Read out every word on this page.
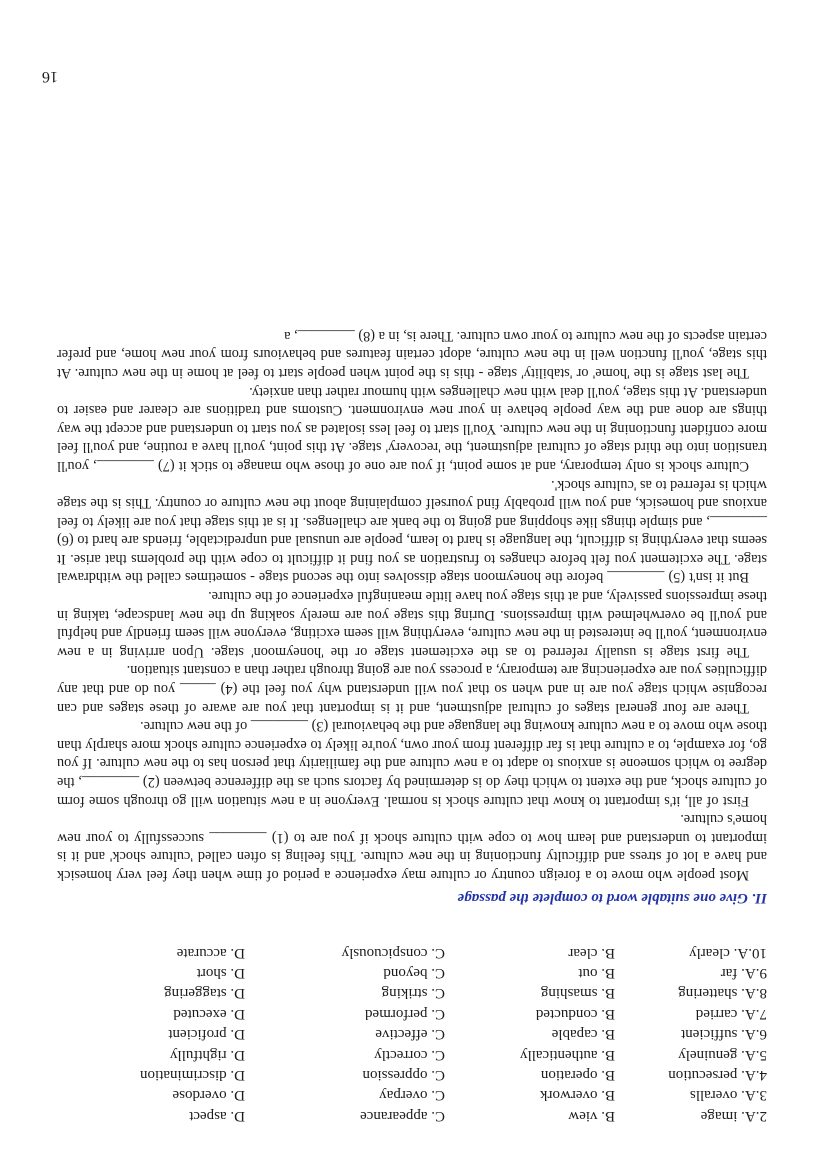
2.A. image
B. view
C. appearance
D. aspect
3.A. overalls
B. overwork
C. overpay
D. overdose
4.A. persecution
B. operation
C. oppression
D. discrimination
5.A. genuinely
B. authentically
C. correctly
D. rightfully
6.A. sufficient
B. capable
C. effective
D. proficient
7.A. carried
B. conducted
C. performed
D. executed
8.A. shattering
B. smashing
C. striking
D. staggering
9.A. far
B. out
C. beyond
D. short
10.A. clearly
B. clear
C. conspicuously
D. accurate
II. Give one suitable word to complete the passage

Most people who move to a foreign country or culture may experience a period of time when they feel very homesick and have a lot of stress and difficulty functioning in the new culture. This feeling is often called 'culture shock' and it is important to understand and learn how to cope with culture shock if you are to (1) ________ successfully to your new home's culture.

First of all, it's important to know that culture shock is normal. Everyone in a new situation will go through some form of culture shock, and the extent to which they do is determined by factors such as the difference between (2) ________, the degree to which someone is anxious to adapt to a new culture and the familiarity that person has to the new culture. If you go, for example, to a culture that is far different from your own, you're likely to experience culture shock more sharply than those who move to a new culture knowing the language and the behavioural (3) ________ of the new culture.

There are four general stages of cultural adjustment, and it is important that you are aware of these stages and can recognise which stage you are in and when so that you will understand why you feel the (4) _____ you do and that any difficulties you are experiencing are temporary, a process you are going through rather than a constant situation.

The first stage is usually referred to as the excitement stage or the 'honeymoon' stage. Upon arriving in a new environment, you'll be interested in the new culture, everything will seem exciting, everyone will seem friendly and helpful and you'll be overwhelmed with impressions. During this stage you are merely soaking up the new landscape, taking in these impressions passively, and at this stage you have little meaningful experience of the culture.

But it isn't (5) ________ before the honeymoon stage dissolves into the second stage - sometimes called the withdrawal stage. The excitement you felt before changes to frustration as you find it difficult to cope with the problems that arise. It seems that everything is difficult, the language is hard to learn, people are unusual and unpredictable, friends are hard to (6) ________, and simple things like shopping and going to the bank are challenges. It is at this stage that you are likely to feel anxious and homesick, and you will probably find yourself complaining about the new culture or country. This is the stage which is referred to as 'culture shock'.

Culture shock is only temporary, and at some point, if you are one of those who manage to stick it (7) ________, you'll transition into the third stage of cultural adjustment, the 'recovery' stage. At this point, you'll have a routine, and you'll feel more confident functioning in the new culture. You'll start to feel less isolated as you start to understand and accept the way things are done and the way people behave in your new environment. Customs and traditions are clearer and easier to understand. At this stage, you'll deal with new challenges with humour rather than anxiety.

The last stage is the 'home' or 'stability' stage - this is the point when people start to feel at home in the new culture. At this stage, you'll function well in the new culture, adopt certain features and behaviours from your new home, and prefer certain aspects of the new culture to your own culture. There is, in a (8) ________, a

16
